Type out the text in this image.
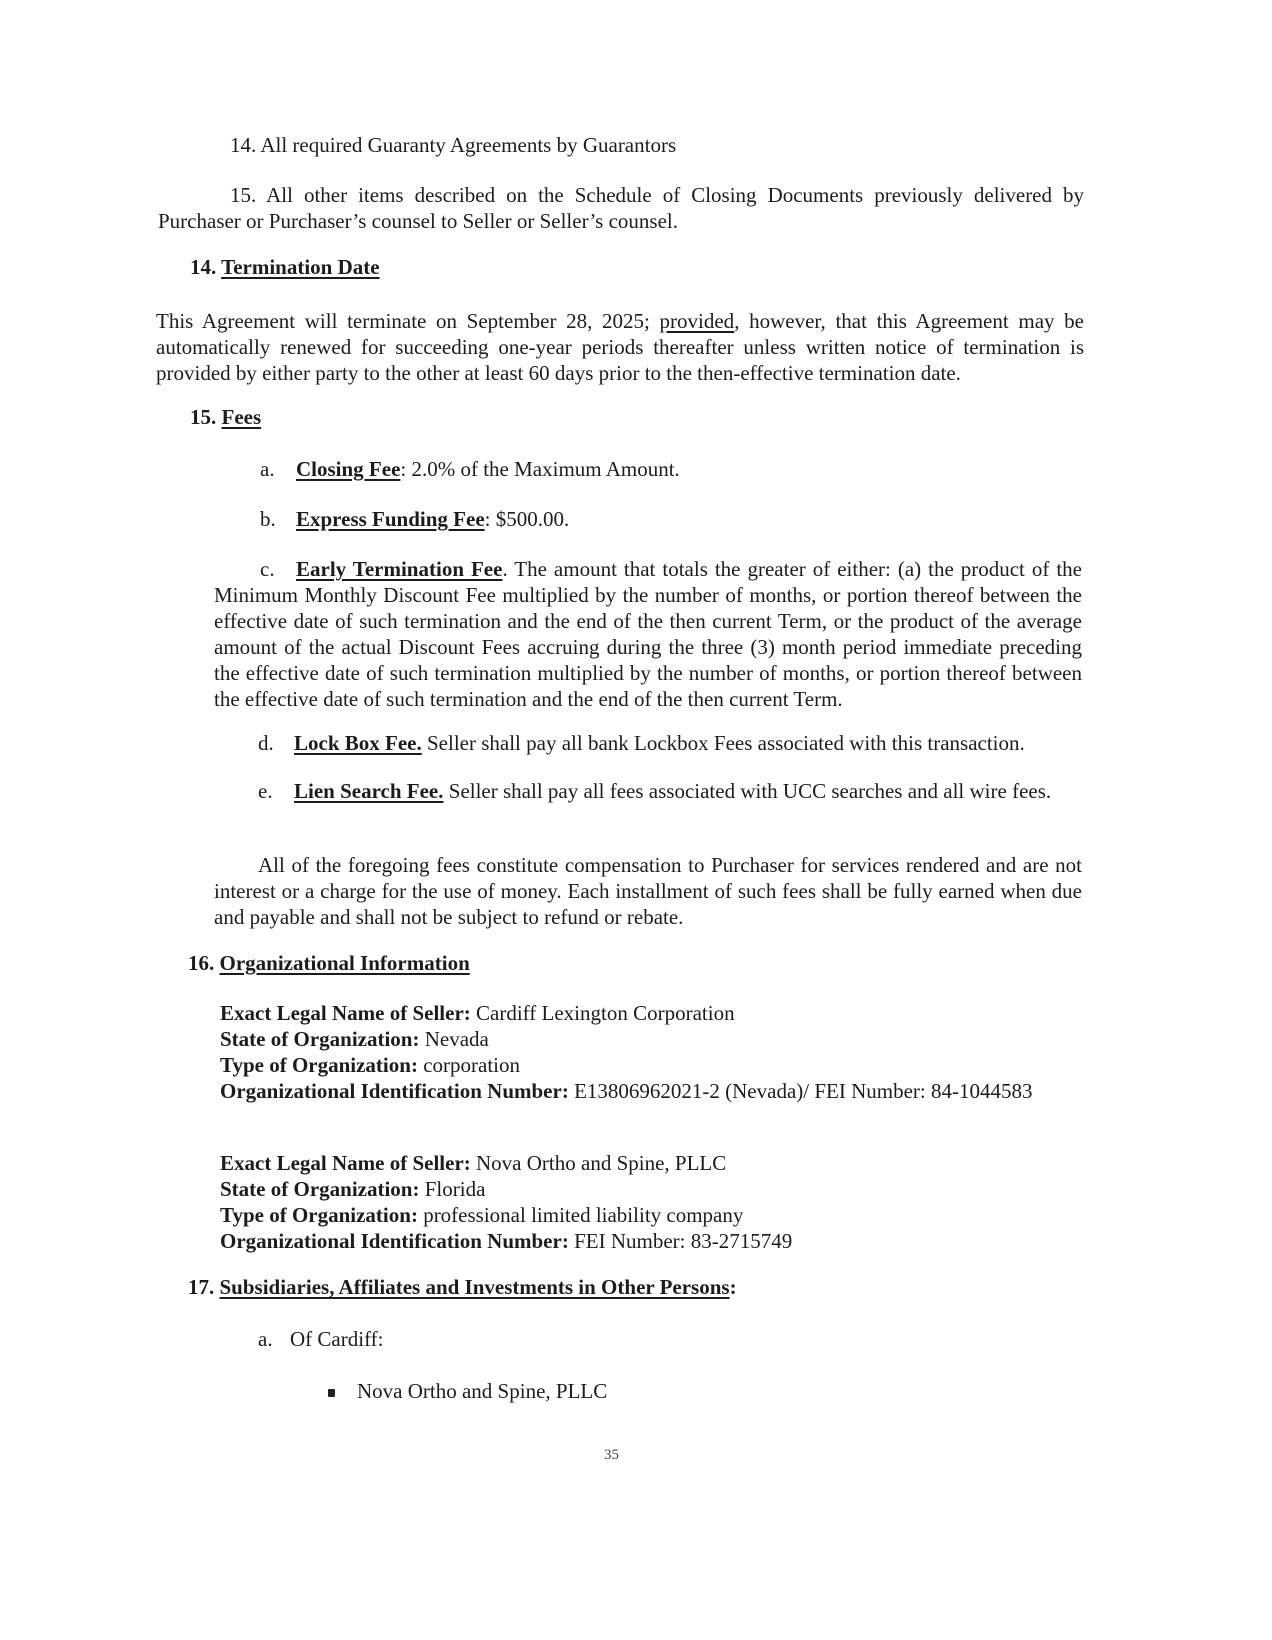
14. All required Guaranty Agreements by Guarantors
15. All other items described on the Schedule of Closing Documents previously delivered by Purchaser or Purchaser’s counsel to Seller or Seller’s counsel.
14. Termination Date
This Agreement will terminate on September 28, 2025; provided, however, that this Agreement may be automatically renewed for succeeding one-year periods thereafter unless written notice of termination is provided by either party to the other at least 60 days prior to the then-effective termination date.
15. Fees
a. Closing Fee: 2.0% of the Maximum Amount.
b. Express Funding Fee: $500.00.
c. Early Termination Fee. The amount that totals the greater of either: (a) the product of the Minimum Monthly Discount Fee multiplied by the number of months, or portion thereof between the effective date of such termination and the end of the then current Term, or the product of the average amount of the actual Discount Fees accruing during the three (3) month period immediate preceding the effective date of such termination multiplied by the number of months, or portion thereof between the effective date of such termination and the end of the then current Term.
d. Lock Box Fee. Seller shall pay all bank Lockbox Fees associated with this transaction.
e. Lien Search Fee. Seller shall pay all fees associated with UCC searches and all wire fees.
All of the foregoing fees constitute compensation to Purchaser for services rendered and are not interest or a charge for the use of money. Each installment of such fees shall be fully earned when due and payable and shall not be subject to refund or rebate.
16. Organizational Information
Exact Legal Name of Seller: Cardiff Lexington Corporation
State of Organization: Nevada
Type of Organization: corporation
Organizational Identification Number: E13806962021-2 (Nevada)/ FEI Number: 84-1044583
Exact Legal Name of Seller: Nova Ortho and Spine, PLLC
State of Organization: Florida
Type of Organization: professional limited liability company
Organizational Identification Number: FEI Number: 83-2715749
17. Subsidiaries, Affiliates and Investments in Other Persons:
a. Of Cardiff:
Nova Ortho and Spine, PLLC
35
